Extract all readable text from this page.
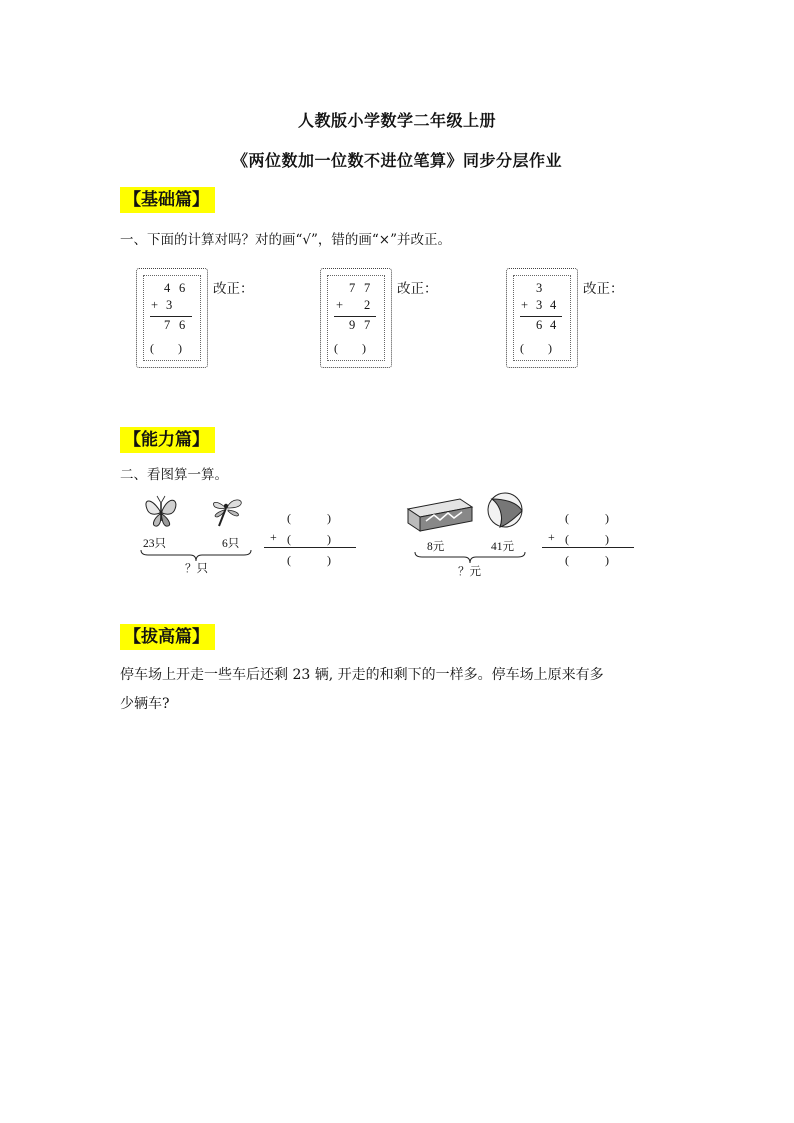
人教版小学数学二年级上册
《两位数加一位数不进位笔算》同步分层作业
【基础篇】
一、下面的计算对吗？对的画“√”，错的画“×”并改正。
4 6
+ 3
7 6
(　　)
改正：	7 7
+ 2
9 7
(　　)
改正：	3
+ 3 4
6 4
(　　)
改正：
【能力篇】
二、看图算一算。
23只	6只
？只
(　　　)
+ (　　　)
(　　　)
8元	41元
？元
(　　　)
+ (　　　)
(　　　)
【拔高篇】
停车场上开走一些车后还剩 23 辆, 开走的和剩下的一样多。停车场上原来有多
少辆车?
